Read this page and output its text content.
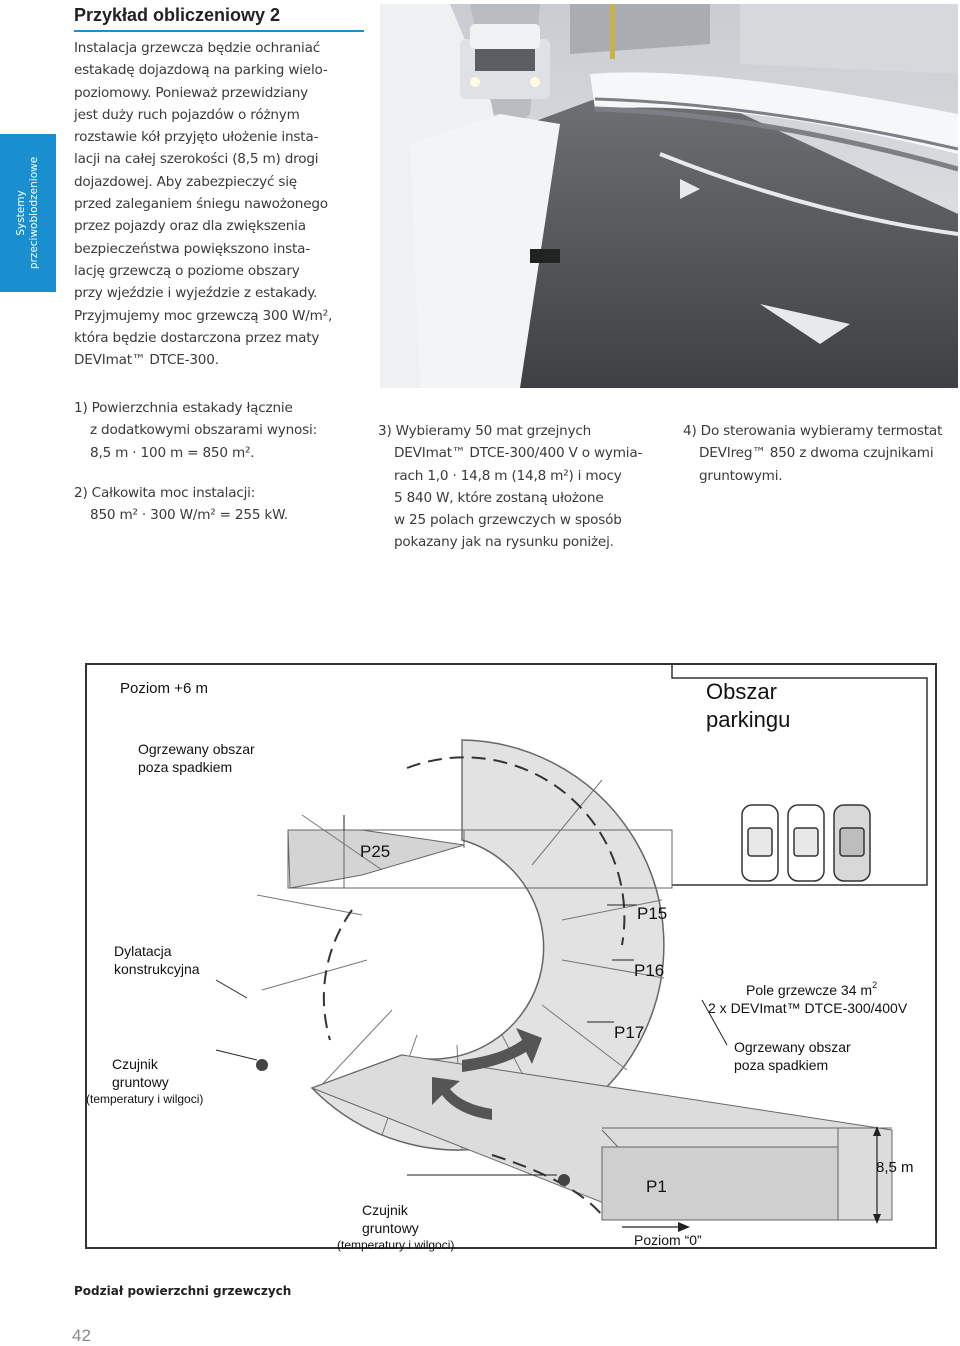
Systemy przeciwoblodzeniowe
Przykład obliczeniowy 2
Instalacja grzewcza będzie ochraniać
estakadę dojazdową na parking wielo-
poziomowy. Ponieważ przewidziany
jest duży ruch pojazdów o różnym
rozstawie kół przyjęto ułożenie insta-
lacji na całej szerokości (8,5 m) drogi
dojazdowej. Aby zabezpieczyć się
przed zaleganiem śniegu nawożonego
przez pojazdy oraz dla zwiększenia
bezpieczeństwa powiększono insta-
lację grzewczą o poziome obszary
przy wjeździe i wyjeździe z estakady.
Przyjmujemy moc grzewczą 300 W/m²,
która będzie dostarczona przez maty
DEVImat™ DTCE-300.

1) Powierzchnia estakady łącznie
z dodatkowymi obszarami wynosi:
8,5 m · 100 m = 850 m².

2) Całkowita moc instalacji:
850 m² · 300 W/m² = 255 kW.

3) Wybieramy 50 mat grzejnych
DEVImat™ DTCE-300/400 V o wymia-
rach 1,0 · 14,8 m (14,8 m²) i mocy
5 840 W, które zostaną ułożone
w 25 polach grzewczych w sposób
pokazany jak na rysunku poniżej.

4) Do sterowania wybieramy termostat
DEVIreg™ 850 z dwoma czujnikami
gruntowymi.

Poziom +6 m	Obszar
parkingu
Ogrzewany obszar
poza spadkiem
P25
P15
P16
P17
P1
Dylatacja
konstrukcyjna
Pole grzewcze 34 $m^2$
2 x DEVImat™ DTCE-300/400V
Ogrzewany obszar
poza spadkiem
Czujnik
gruntowy
(temperatury i wilgoci)
Czujnik
gruntowy
(temperatury i wilgoci)
8,5 m
Poziom “0”
Podział powierzchni grzewczych
42
